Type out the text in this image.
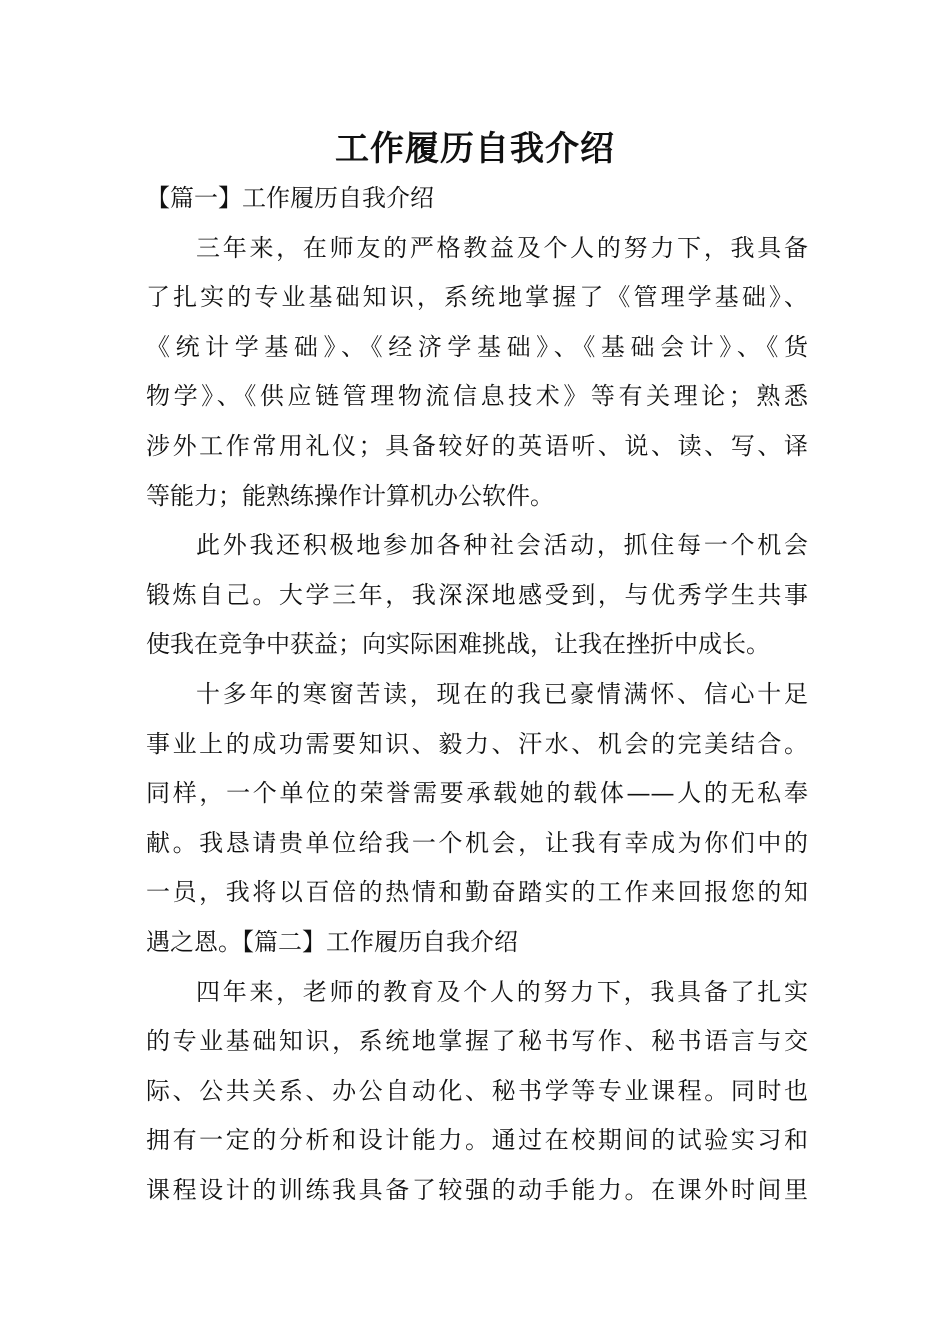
工作履历自我介绍
【篇一】工作履历自我介绍
三年来，在师友的严格教益及个人的努力下，我具备
了扎实的专业基础知识，系统地掌握了《管理学基础》、
《统计学基础》、《经济学基础》、《基础会计》、《货
物学》、《供应链管理物流信息技术》等有关理论；熟悉
涉外工作常用礼仪；具备较好的英语听、说、读、写、译
等能力；能熟练操作计算机办公软件。
此外我还积极地参加各种社会活动，抓住每一个机会
锻炼自己。大学三年，我深深地感受到，与优秀学生共事
使我在竞争中获益；向实际困难挑战，让我在挫折中成长。
十多年的寒窗苦读，现在的我已豪情满怀、信心十足
事业上的成功需要知识、毅力、汗水、机会的完美结合。
同样，一个单位的荣誉需要承载她的载体——人的无私奉
献。我恳请贵单位给我一个机会，让我有幸成为你们中的
一员，我将以百倍的热情和勤奋踏实的工作来回报您的知
遇之恩。【篇二】工作履历自我介绍
四年来，老师的教育及个人的努力下，我具备了扎实
的专业基础知识，系统地掌握了秘书写作、秘书语言与交
际、公共关系、办公自动化、秘书学等专业课程。同时也
拥有一定的分析和设计能力。通过在校期间的试验实习和
课程设计的训练我具备了较强的动手能力。在课外时间里
